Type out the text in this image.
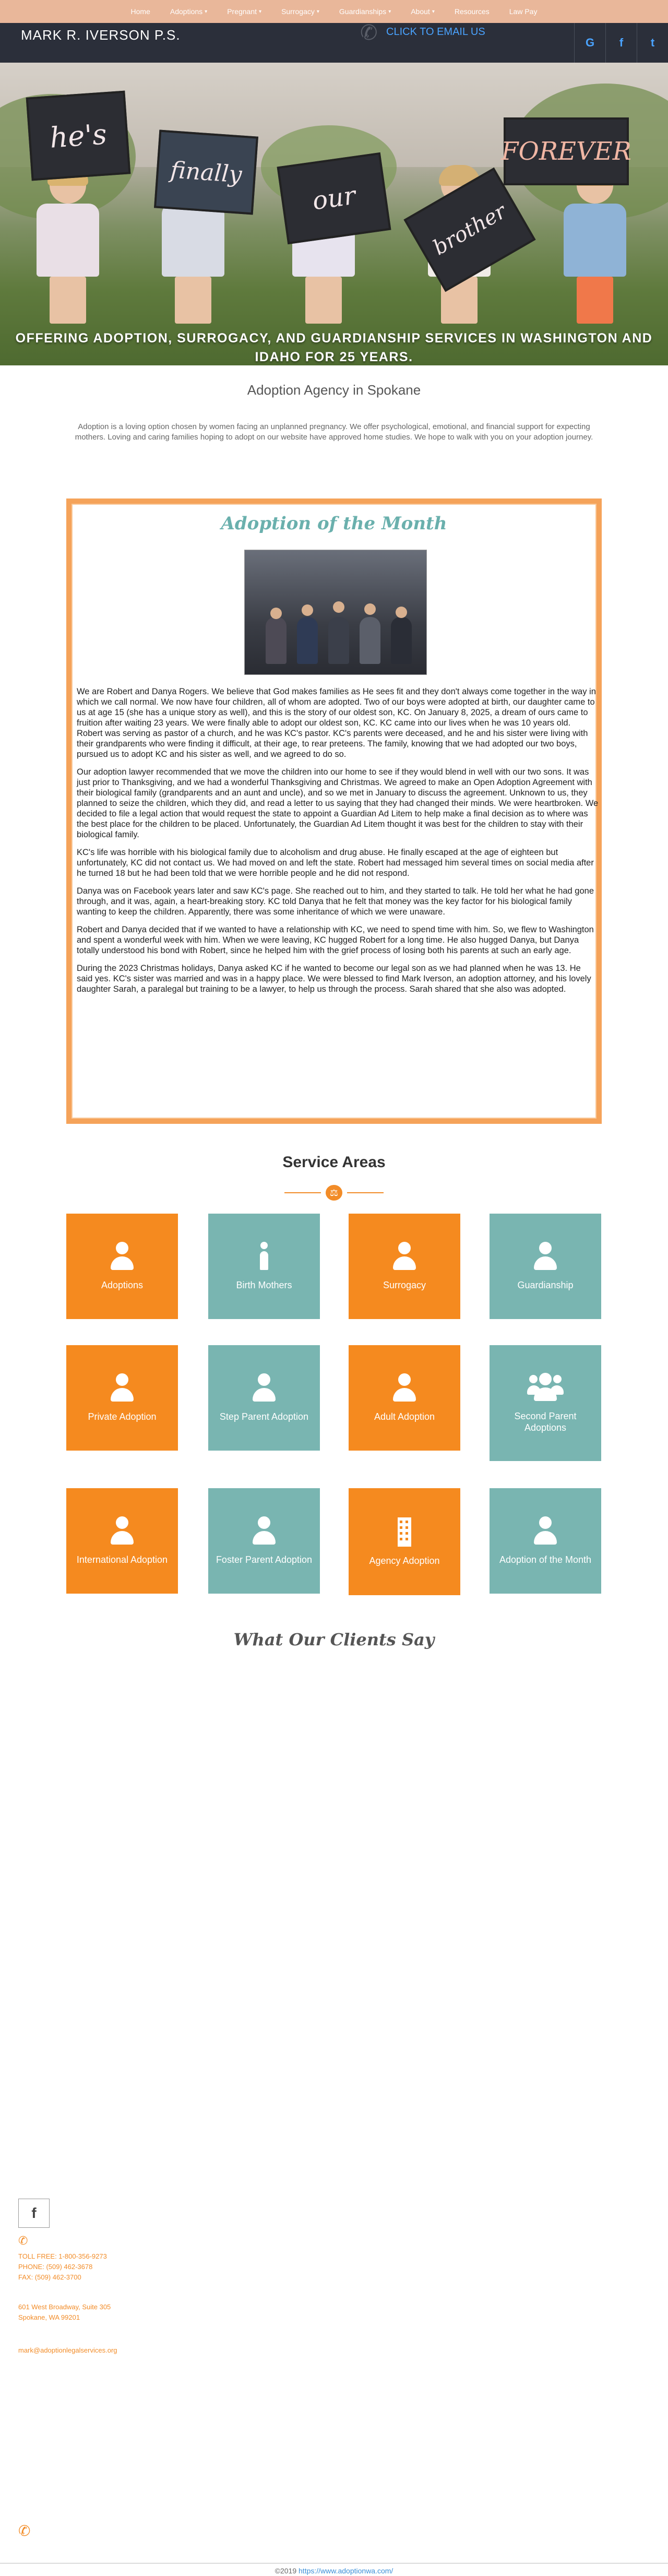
Home	Adoptions ▾	Pregnant ▾	Surrogacy ▾	Guardianships ▾	About ▾	Resources	Law Pay
MARK R. IVERSON P.S.	✆ CLICK TO EMAIL US
G	f	t
he's
finally
our
brother
FOREVER
OFFERING ADOPTION, SURROGACY, AND GUARDIANSHIP SERVICES IN WASHINGTON AND IDAHO FOR 25 YEARS.
Adoption Agency in Spokane
Adoption is a loving option chosen by women facing an unplanned pregnancy. We offer psychological, emotional, and financial support for expecting mothers. Loving and caring families hoping to adopt on our website have approved home studies. We hope to walk with you on your adoption journey.
Adoption of the Month

We are Robert and Danya Rogers. We believe that God makes families as He sees fit and they don't always come together in the way in which we call normal. We now have four children, all of whom are adopted. Two of our boys were adopted at birth, our daughter came to us at age 15 (she has a unique story as well), and this is the story of our oldest son, KC. On January 8, 2025, a dream of ours came to fruition after waiting 23 years. We were finally able to adopt our oldest son, KC. KC came into our lives when he was 10 years old. Robert was serving as pastor of a church, and he was KC's pastor. KC's parents were deceased, and he and his sister were living with their grandparents who were finding it difficult, at their age, to rear preteens. The family, knowing that we had adopted our two boys, pursued us to adopt KC and his sister as well, and we agreed to do so.

Our adoption lawyer recommended that we move the children into our home to see if they would blend in well with our two sons. It was just prior to Thanksgiving, and we had a wonderful Thanksgiving and Christmas. We agreed to make an Open Adoption Agreement with their biological family (grandparents and an aunt and uncle), and so we met in January to discuss the agreement. Unknown to us, they planned to seize the children, which they did, and read a letter to us saying that they had changed their minds. We were heartbroken. We decided to file a legal action that would request the state to appoint a Guardian Ad Litem to help make a final decision as to where was the best place for the children to be placed. Unfortunately, the Guardian Ad Litem thought it was best for the children to stay with their biological family.

KC's life was horrible with his biological family due to alcoholism and drug abuse. He finally escaped at the age of eighteen but unfortunately, KC did not contact us. We had moved on and left the state. Robert had messaged him several times on social media after he turned 18 but he had been told that we were horrible people and he did not respond.

Danya was on Facebook years later and saw KC's page. She reached out to him, and they started to talk. He told her what he had gone through, and it was, again, a heart-breaking story. KC told Danya that he felt that money was the key factor for his biological family wanting to keep the children. Apparently, there was some inheritance of which we were unaware.

Robert and Danya decided that if we wanted to have a relationship with KC, we need to spend time with him. So, we flew to Washington and spent a wonderful week with him. When we were leaving, KC hugged Robert for a long time. He also hugged Danya, but Danya totally understood his bond with Robert, since he helped him with the grief process of losing both his parents at such an early age.

During the 2023 Christmas holidays, Danya asked KC if he wanted to become our legal son as we had planned when he was 13. He said yes. KC's sister was married and was in a happy place. We were blessed to find Mark Iverson, an adoption attorney, and his lovely daughter Sarah, a paralegal but training to be a lawyer, to help us through the process. Sarah shared that she also was adopted.

Service Areas
⚖
Adoptions	Birth Mothers	Surrogacy	Guardianship
Private Adoption	Step Parent Adoption	Adult Adoption	Second Parent Adoptions
International Adoption	Foster Parent Adoption	Agency Adoption	Adoption of the Month
What Our Clients Say
f
✆
TOLL FREE: 1-800-356-9273
PHONE: (509) 462-3678
FAX: (509) 462-3700
601 West Broadway, Suite 305
Spokane, WA 99201
mark@adoptionlegalservices.org
✆
©2019 https://www.adoptionwa.com/
